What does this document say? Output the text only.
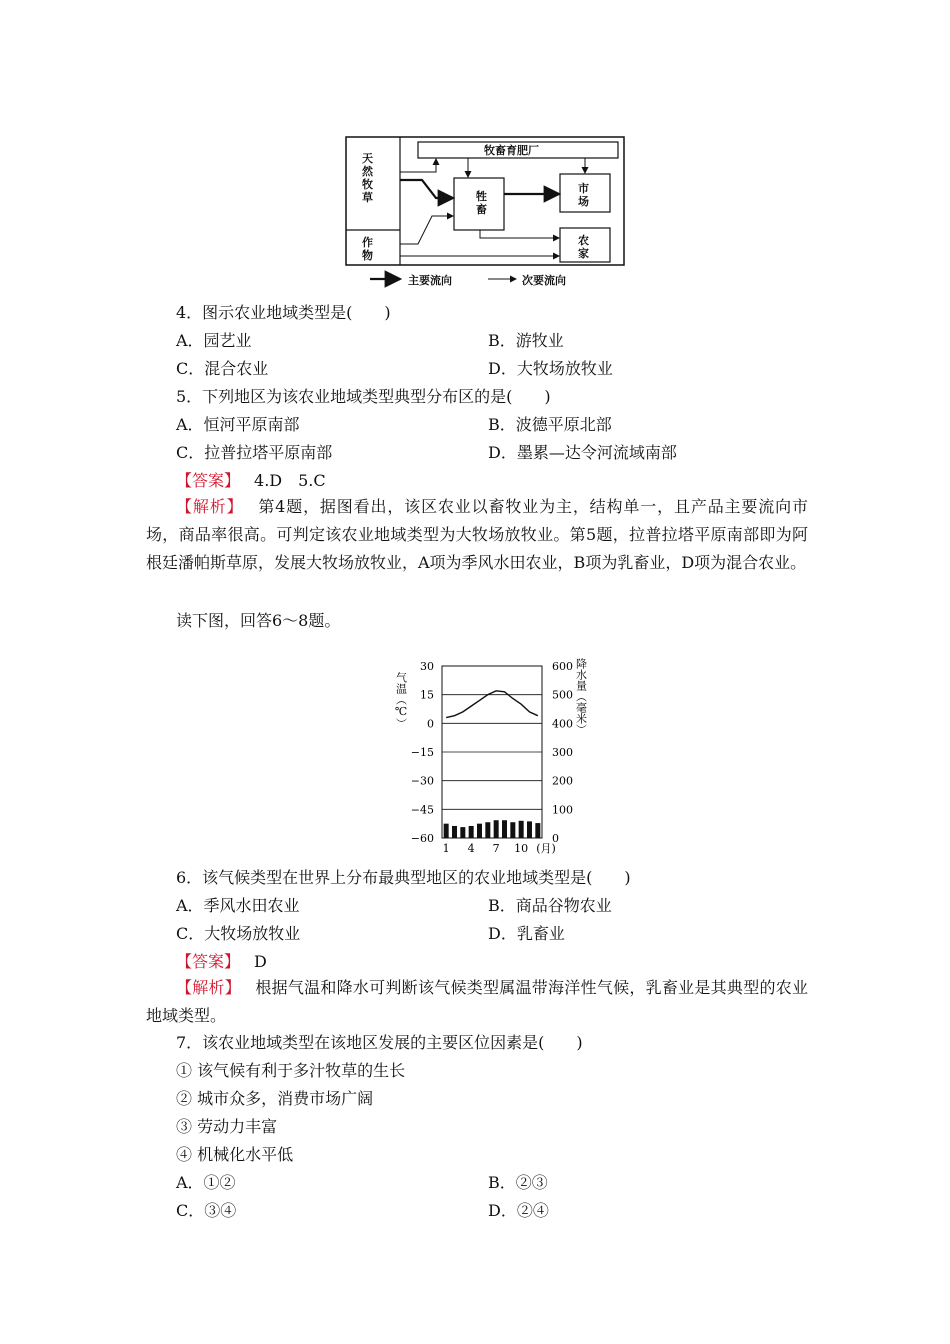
天然牧草
作物
牧畜育肥厂
牲畜
市场
农家
主要流向	次要流向
4．图示农业地域类型是(　　)
A．园艺业	B．游牧业
C．混合农业	D．大牧场放牧业
5．下列地区为该农业地域类型典型分布区的是(　　)
A．恒河平原南部	B．波德平原北部
C．拉普拉塔平原南部	D．墨累—达令河流域南部
【答案】 4.D　5.C
【解析】 第4题，据图看出，该区农业以畜牧业为主，结构单一，且产品主要流向市场，商品率很高。可判定该农业地域类型为大牧场放牧业。第5题，拉普拉塔平原南部即为阿根廷潘帕斯草原，发展大牧场放牧业，A项为季风水田农业，B项为乳畜业，D项为混合农业。
读下图，回答6～8题。
30
15
0
−15
−30
−45
−60
600
500
400
300
200
100
0
1 4 7 10 (月)
气温（℃）	降水量（毫米）
6．该气候类型在世界上分布最典型地区的农业地域类型是(　　)
A．季风水田农业	B．商品谷物农业
C．大牧场放牧业	D．乳畜业
【答案】 D
【解析】 根据气温和降水可判断该气候类型属温带海洋性气候，乳畜业是其典型的农业地域类型。
7．该农业地域类型在该地区发展的主要区位因素是(　　)
① 该气候有利于多汁牧草的生长
② 城市众多，消费市场广阔
③ 劳动力丰富
④ 机械化水平低
A．①②	B．②③
C．③④	D．②④
